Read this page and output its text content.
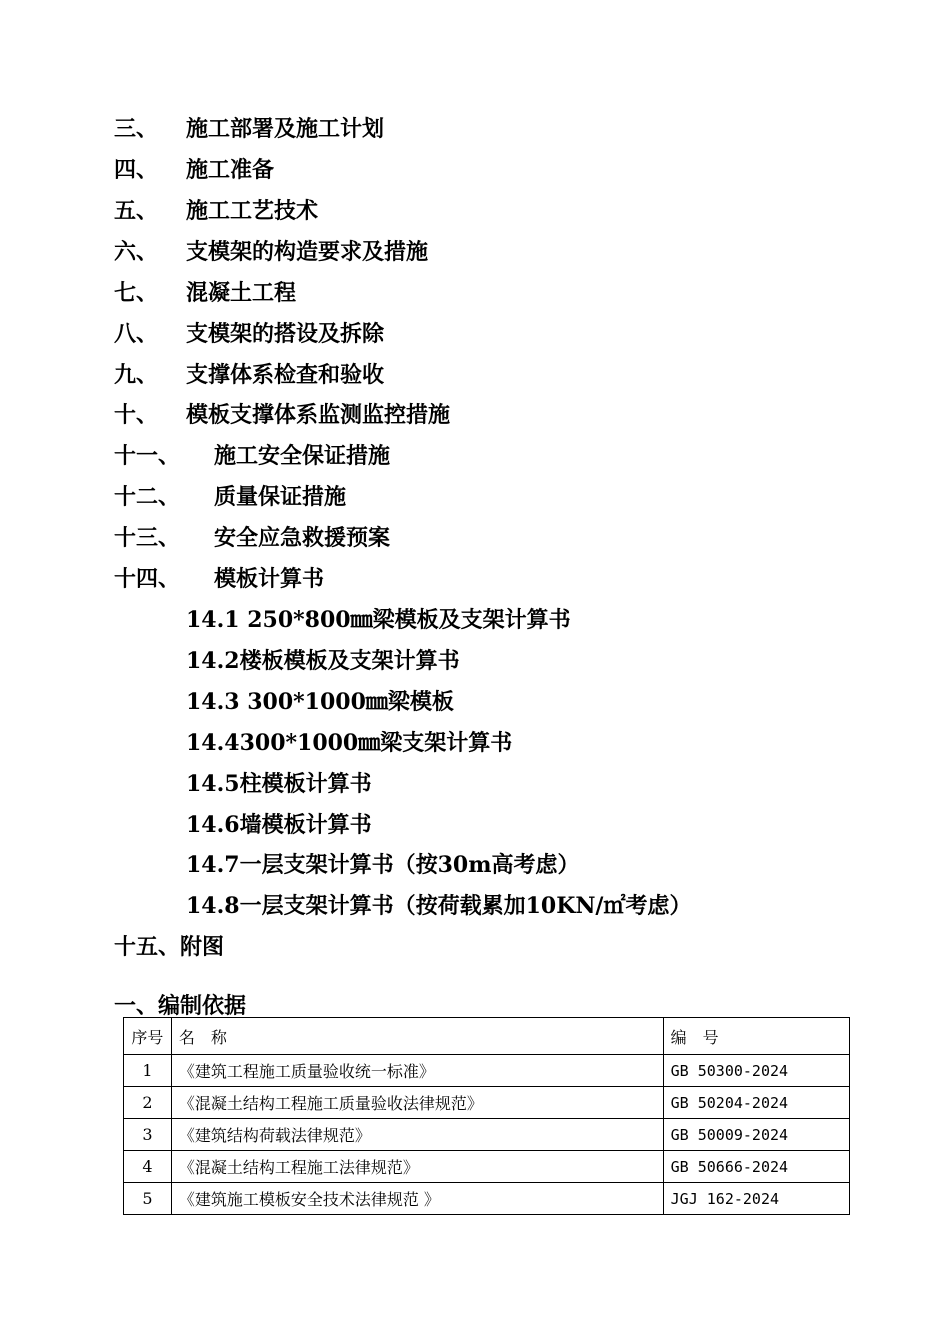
三、 施工部署及施工计划
四、 施工准备
五、 施工工艺技术
六、 支模架的构造要求及措施
七、 混凝土工程
八、 支模架的搭设及拆除
九、 支撑体系检查和验收
十、 模板支撑体系监测监控措施
十一、 施工安全保证措施
十二、 质量保证措施
十三、 安全应急救援预案
十四、 模板计算书
14.1 250*800㎜梁模板及支架计算书
14.2楼板模板及支架计算书
14.3 300*1000㎜梁模板
14.4300*1000㎜梁支架计算书
14.5柱模板计算书
14.6墙模板计算书
14.7一层支架计算书（按30m高考虑）
14.8一层支架计算书（按荷载累加10KN/㎡考虑）
十五、附图
一、编制依据
序号	名　称	编　号
1	《建筑工程施工质量验收统一标准》	GB 50300-2024
2	《混凝土结构工程施工质量验收法律规范》	GB 50204-2024
3	《建筑结构荷载法律规范》	GB 50009-2024
4	《混凝土结构工程施工法律规范》	GB 50666-2024
5	《建筑施工模板安全技术法律规范 》	JGJ 162-2024
